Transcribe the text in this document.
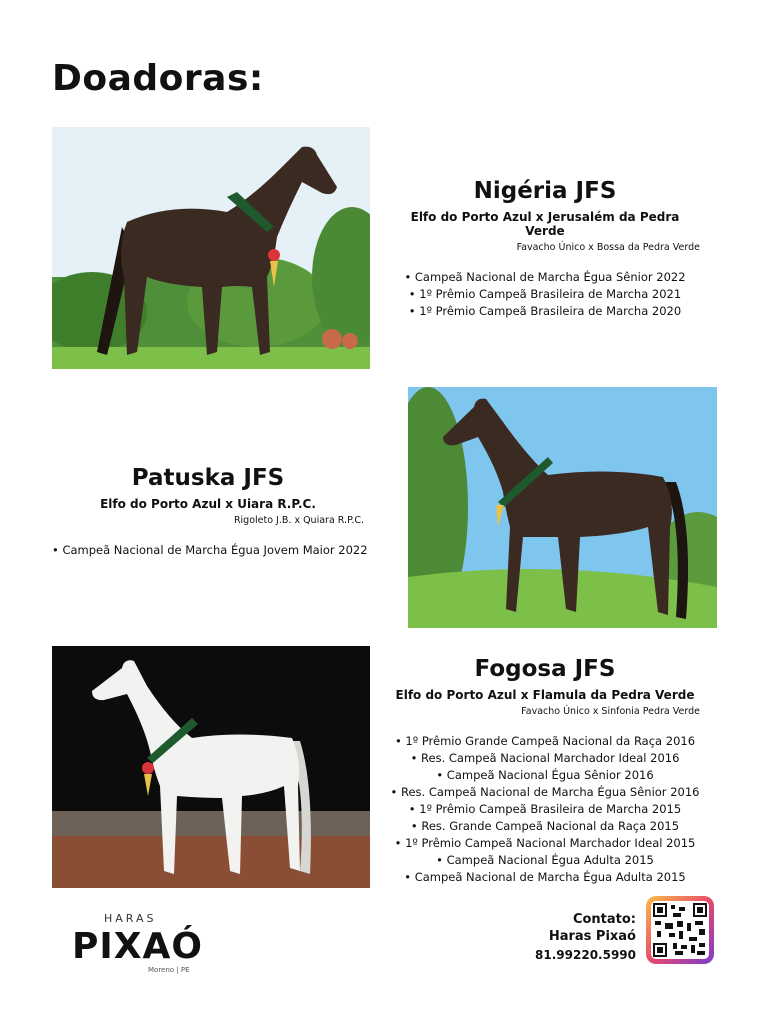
Doadoras:
Nigéria JFS
Elfo do Porto Azul x Jerusalém da Pedra Verde
Favacho Único x Bossa da Pedra Verde
• Campeã Nacional de Marcha Égua Sênior 2022
• 1º Prêmio Campeã Brasileira de Marcha 2021
• 1º Prêmio Campeã Brasileira de Marcha 2020
Patuska JFS
Elfo do Porto Azul x Uiara R.P.C.
Rigoleto J.B. x Quiara R.P.C.
• Campeã Nacional de Marcha Égua Jovem Maior 2022
Fogosa JFS
Elfo do Porto Azul x Flamula da Pedra Verde
Favacho Único x Sinfonia Pedra Verde
• 1º Prêmio Grande Campeã Nacional da Raça 2016
• Res. Campeã Nacional Marchador Ideal 2016
• Campeã Nacional Égua Sênior 2016
• Res. Campeã Nacional de Marcha Égua Sênior 2016
• 1º Prêmio Campeã Brasileira de Marcha 2015
• Res. Grande Campeã Nacional da Raça 2015
• 1º Prêmio Campeã Nacional Marchador Ideal 2015
• Campeã Nacional Égua Adulta 2015
• Campeã Nacional de Marcha Égua Adulta 2015
HARAS
PIXAÓ
Moreno | PE
Contato:
Haras Pixaó
81.99220.5990
